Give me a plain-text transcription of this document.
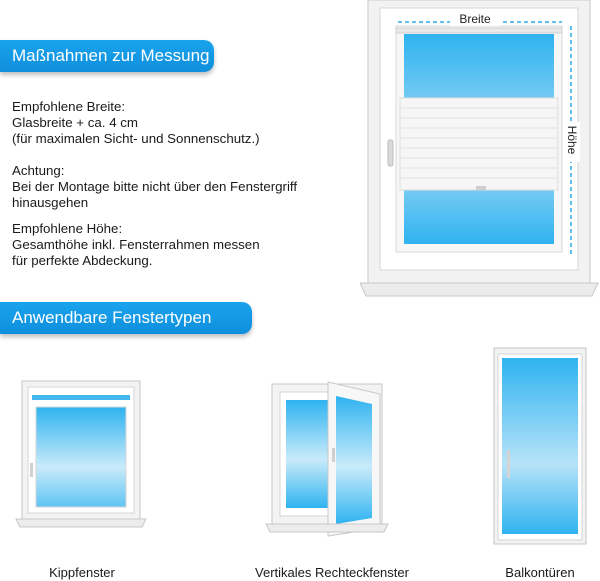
Maßnahmen zur Messung
Empfohlene Breite:
Glasbreite + ca. 4 cm
(für maximalen Sicht- und Sonnenschutz.)
Achtung:
Bei der Montage bitte nicht über den Fenstergriff
hinausgehen
Empfohlene Höhe:
Gesamthöhe inkl. Fensterrahmen messen
für perfekte Abdeckung.
Breite
Höhe
Anwendbare Fenstertypen
Kippfenster	Vertikales Rechteckfenster	Balkontüren
